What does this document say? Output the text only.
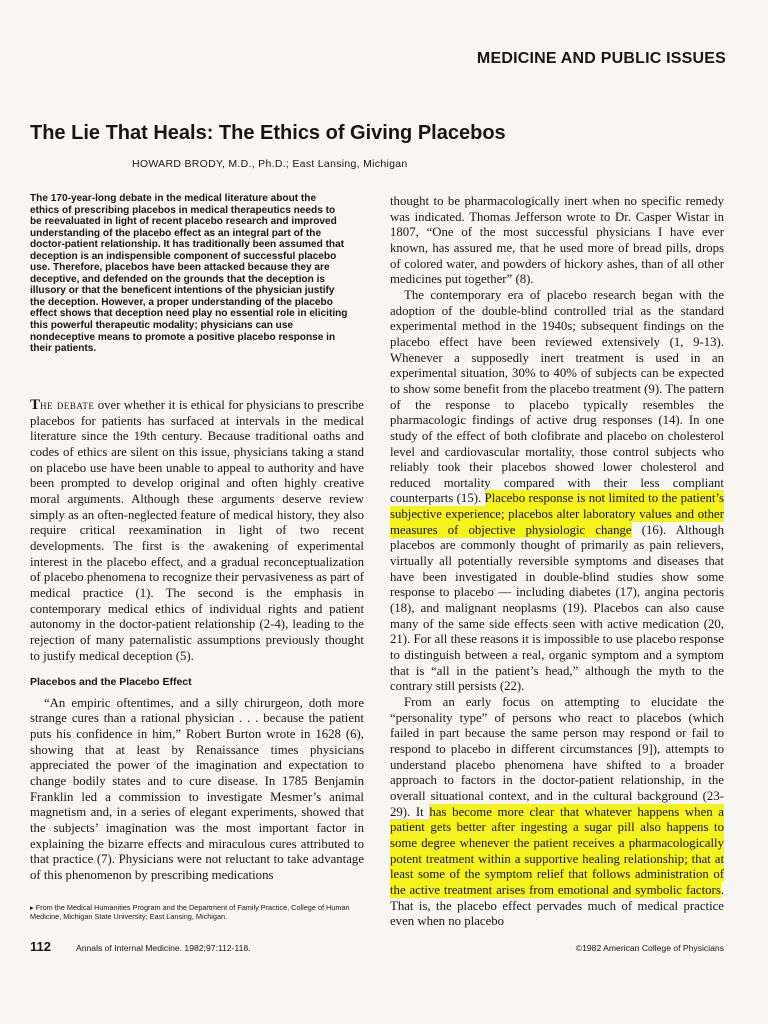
MEDICINE AND PUBLIC ISSUES
The Lie That Heals: The Ethics of Giving Placebos
HOWARD BRODY, M.D., Ph.D.; East Lansing, Michigan

The 170-year-long debate in the medical literature about the ethics of prescribing placebos in medical therapeutics needs to be reevaluated in light of recent placebo research and improved understanding of the placebo effect as an integral part of the doctor-patient relationship. It has traditionally been assumed that deception is an indispensible component of successful placebo use. Therefore, placebos have been attacked because they are deceptive, and defended on the grounds that the deception is illusory or that the beneficent intentions of the physician justify the deception. However, a proper understanding of the placebo effect shows that deception need play no essential role in eliciting this powerful therapeutic modality; physicians can use nondeceptive means to promote a positive placebo response in their patients.

The debate over whether it is ethical for physicians to prescribe placebos for patients has surfaced at intervals in the medical literature since the 19th century. Because traditional oaths and codes of ethics are silent on this issue, physicians taking a stand on placebo use have been unable to appeal to authority and have been prompted to develop original and often highly creative moral arguments. Although these arguments deserve review simply as an often-neglected feature of medical history, they also require critical reexamination in light of two recent developments. The first is the awakening of experimental interest in the placebo effect, and a gradual reconceptualization of placebo phenomena to recognize their pervasiveness as part of medical practice (1). The second is the emphasis in contemporary medical ethics of individual rights and patient autonomy in the doctor-patient relationship (2-4), leading to the rejection of many paternalistic assumptions previously thought to justify medical deception (5).

Placebos and the Placebo Effect

“An empiric oftentimes, and a silly chirurgeon, doth more strange cures than a rational physician . . . because the patient puts his confidence in him,” Robert Burton wrote in 1628 (6), showing that at least by Renaissance times physicians appreciated the power of the imagination and expectation to change bodily states and to cure disease. In 1785 Benjamin Franklin led a commission to investigate Mesmer’s animal magnetism and, in a series of elegant experiments, showed that the subjects’ imagination was the most important factor in explaining the bizarre effects and miraculous cures attributed to that practice (7). Physicians were not reluctant to take advantage of this phenomenon by prescribing medications

thought to be pharmacologically inert when no specific remedy was indicated. Thomas Jefferson wrote to Dr. Casper Wistar in 1807, “One of the most successful physicians I have ever known, has assured me, that he used more of bread pills, drops of colored water, and powders of hickory ashes, than of all other medicines put together” (8).

The contemporary era of placebo research began with the adoption of the double-blind controlled trial as the standard experimental method in the 1940s; subsequent findings on the placebo effect have been reviewed extensively (1, 9-13). Whenever a supposedly inert treatment is used in an experimental situation, 30% to 40% of subjects can be expected to show some benefit from the placebo treatment (9). The pattern of the response to placebo typically resembles the pharmacologic findings of active drug responses (14). In one study of the effect of both clofibrate and placebo on cholesterol level and cardiovascular mortality, those control subjects who reliably took their placebos showed lower cholesterol and reduced mortality compared with their less compliant counterparts (15). Placebo response is not limited to the patient’s subjective experience; placebos alter laboratory values and other measures of objective physiologic change (16). Although placebos are commonly thought of primarily as pain relievers, virtually all potentially reversible symptoms and diseases that have been investigated in double-blind studies show some response to placebo — including diabetes (17), angina pectoris (18), and malignant neoplasms (19). Placebos can also cause many of the same side effects seen with active medication (20, 21). For all these reasons it is impossible to use placebo response to distinguish between a real, organic symptom and a symptom that is “all in the patient’s head,” although the myth to the contrary still persists (22).

From an early focus on attempting to elucidate the “personality type” of persons who react to placebos (which failed in part because the same person may respond or fail to respond to placebo in different circumstances [9]), attempts to understand placebo phenomena have shifted to a broader approach to factors in the doctor-patient relationship, in the overall situational context, and in the cultural background (23-29). It has become more clear that whatever happens when a patient gets better after ingesting a sugar pill also happens to some degree whenever the patient receives a pharmacologically potent treatment within a supportive healing relationship; that at least some of the symptom relief that follows administration of the active treatment arises from emotional and symbolic factors. That is, the placebo effect pervades much of medical practice even when no placebo

▸ From the Medical Humanities Program and the Department of Family Practice, College of Human Medicine, Michigan State University; East Lansing, Michigan.
112	Annals of Internal Medicine. 1982;97:112-118.	©1982 American College of Physicians
